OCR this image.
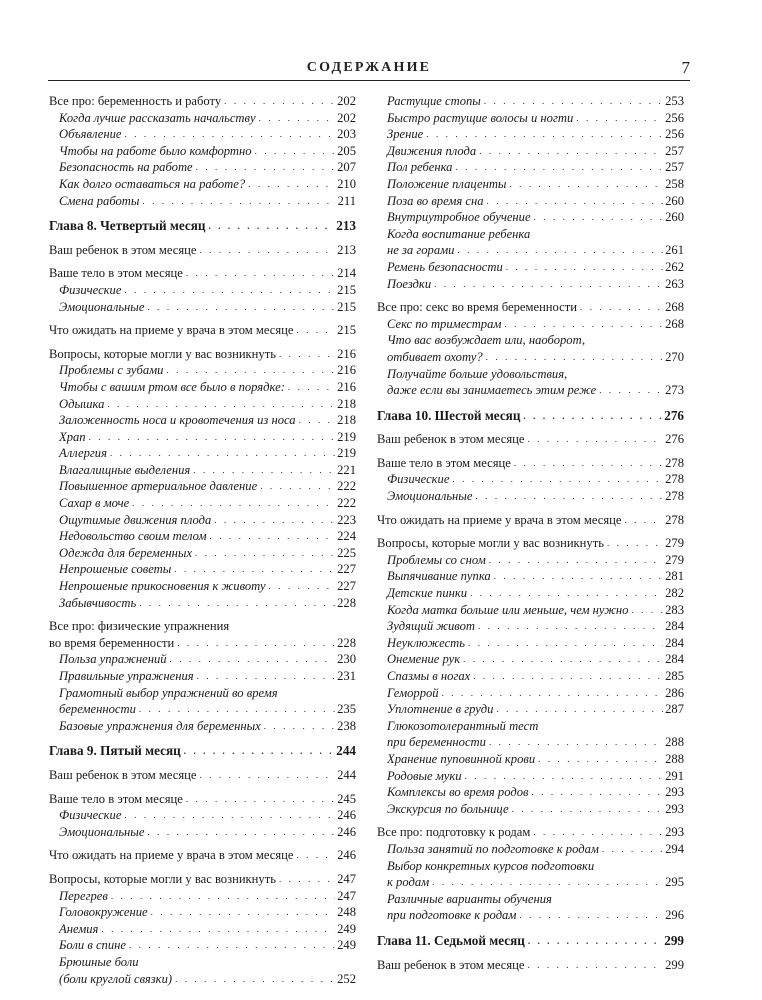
СОДЕРЖАНИЕ	7
Все про: беременность и работу . . .	202
Когда лучше рассказать начальству . . .	202
Объявление . . .	203
Чтобы на работе было комфортно . . .	205
Безопасность на работе . . .	207
Как долго оставаться на работе? . . .	210
Смена работы . . .	211
Глава 8. Четвертый месяц . . .	213
Ваш ребенок в этом месяце . . .	213
Ваше тело в этом месяце . . .	214
Физические . . .	215
Эмоциональные . . .	215
Что ожидать на приеме у врача в этом месяце . . .	215
Вопросы, которые могли у вас возникнуть . . .	216
Проблемы с зубами . . .	216
Чтобы с вашим ртом все было в порядке: . . .	216
Одышка . . .	218
Заложенность носа и кровотечения из носа . . .	218
Храп . . .	219
Аллергия . . .	219
Влагалищные выделения . . .	221
Повышенное артериальное давление . . .	222
Сахар в моче . . .	222
Ощутимые движения плода . . .	223
Недовольство своим телом . . .	224
Одежда для беременных . . .	225
Непрошеные советы . . .	227
Непрошеные прикосновения к животу . . .	227
Забывчивость . . .	228
Все про: физические упражнения
во время беременности . . .	228
Польза упражнений . . .	230
Правильные упражнения . . .	231
Грамотный выбор упражнений во время
беременности . . .	235
Базовые упражнения для беременных . . .	238
Глава 9. Пятый месяц . . .	244
Ваш ребенок в этом месяце . . .	244
Ваше тело в этом месяце . . .	245
Физические . . .	246
Эмоциональные . . .	246
Что ожидать на приеме у врача в этом месяце . . .	246
Вопросы, которые могли у вас возникнуть . . .	247
Перегрев . . .	247
Головокружение . . .	248
Анемия . . .	249
Боли в спине . . .	249
Брюшные боли
(боли круглой связки) . . .	252
Растущие стопы . . .	253
Быстро растущие волосы и ногти . . .	256
Зрение . . .	256
Движения плода . . .	257
Пол ребенка . . .	257
Положение плаценты . . .	258
Поза во время сна . . .	260
Внутриутробное обучение . . .	260
Когда воспитание ребенка
не за горами . . .	261
Ремень безопасности . . .	262
Поездки . . .	263
Все про: секс во время беременности . . .	268
Секс по триместрам . . .	268
Что вас возбуждает или, наоборот,
отбивает охоту? . . .	270
Получайте больше удовольствия,
даже если вы занимаетесь этим реже . . .	273
Глава 10. Шестой месяц . . .	276
Ваш ребенок в этом месяце . . .	276
Ваше тело в этом месяце . . .	278
Физические . . .	278
Эмоциональные . . .	278
Что ожидать на приеме у врача в этом месяце . . .	278
Вопросы, которые могли у вас возникнуть . . .	279
Проблемы со сном . . .	279
Выпячивание пупка . . .	281
Детские пинки . . .	282
Когда матка больше или меньше, чем нужно . . .	283
Зудящий живот . . .	284
Неуклюжесть . . .	284
Онемение рук . . .	284
Спазмы в ногах . . .	285
Геморрой . . .	286
Уплотнение в груди . . .	287
Глюкозотолерантный тест
при беременности . . .	288
Хранение пуповинной крови . . .	288
Родовые муки . . .	291
Комплексы во время родов . . .	293
Экскурсия по больнице . . .	293
Все про: подготовку к родам . . .	293
Польза занятий по подготовке к родам . . .	294
Выбор конкретных курсов подготовки
к родам . . .	295
Различные варианты обучения
при подготовке к родам . . .	296
Глава 11. Седьмой месяц . . .	299
Ваш ребенок в этом месяце . . .	299
